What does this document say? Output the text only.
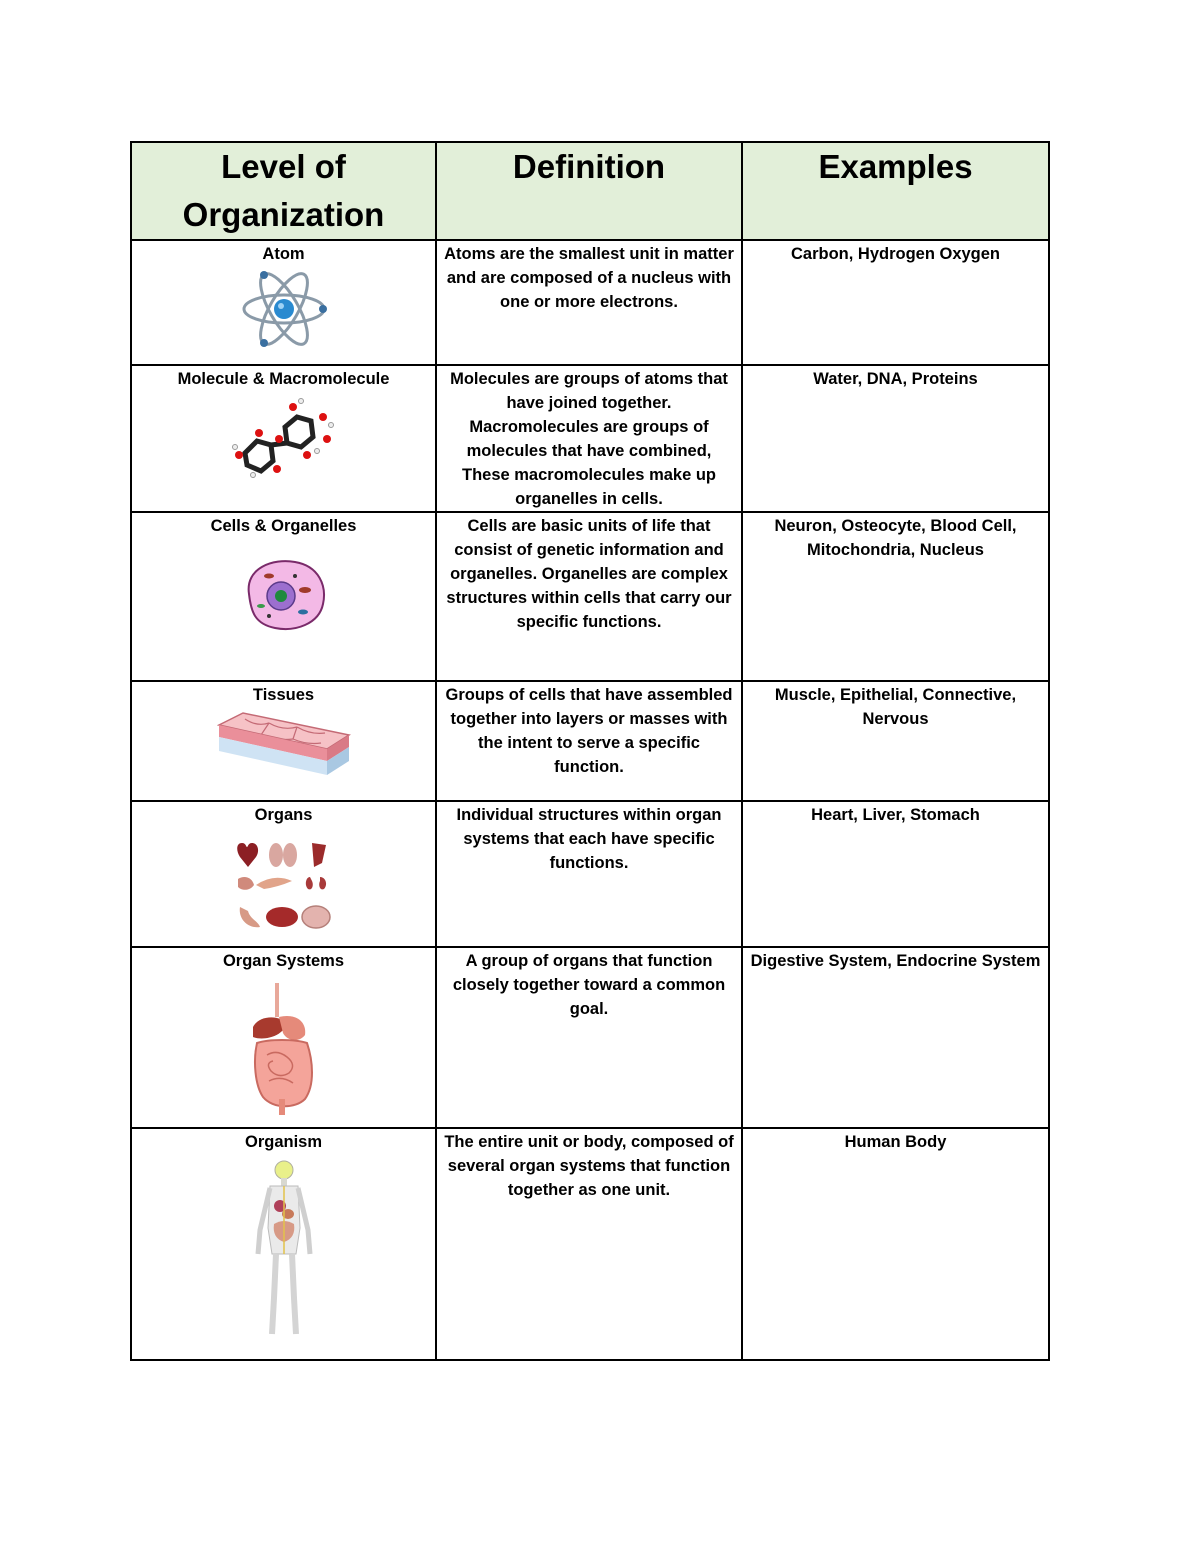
Level of Organization	Definition	Examples

Atom	Atoms are the smallest unit in matter and are composed of a nucleus with one or more electrons.	Carbon, Hydrogen Oxygen

Molecule & Macromolecule	Molecules are groups of atoms that have joined together. Macromolecules are groups of molecules that have combined, These macromolecules make up organelles in cells.	Water, DNA, Proteins

Cells & Organelles	Cells are basic units of life that consist of genetic information and organelles. Organelles are complex structures within cells that carry our specific functions.	Neuron, Osteocyte, Blood Cell, Mitochondria, Nucleus

Tissues	Groups of cells that have assembled together into layers or masses with the intent to serve a specific function.	Muscle, Epithelial, Connective, Nervous

Organs	Individual structures within organ systems that each have specific functions.	Heart, Liver, Stomach

Organ Systems	A group of organs that function closely together toward a common goal.	Digestive System, Endocrine System

Organism	The entire unit or body, composed of several organ systems that function together as one unit.	Human Body
